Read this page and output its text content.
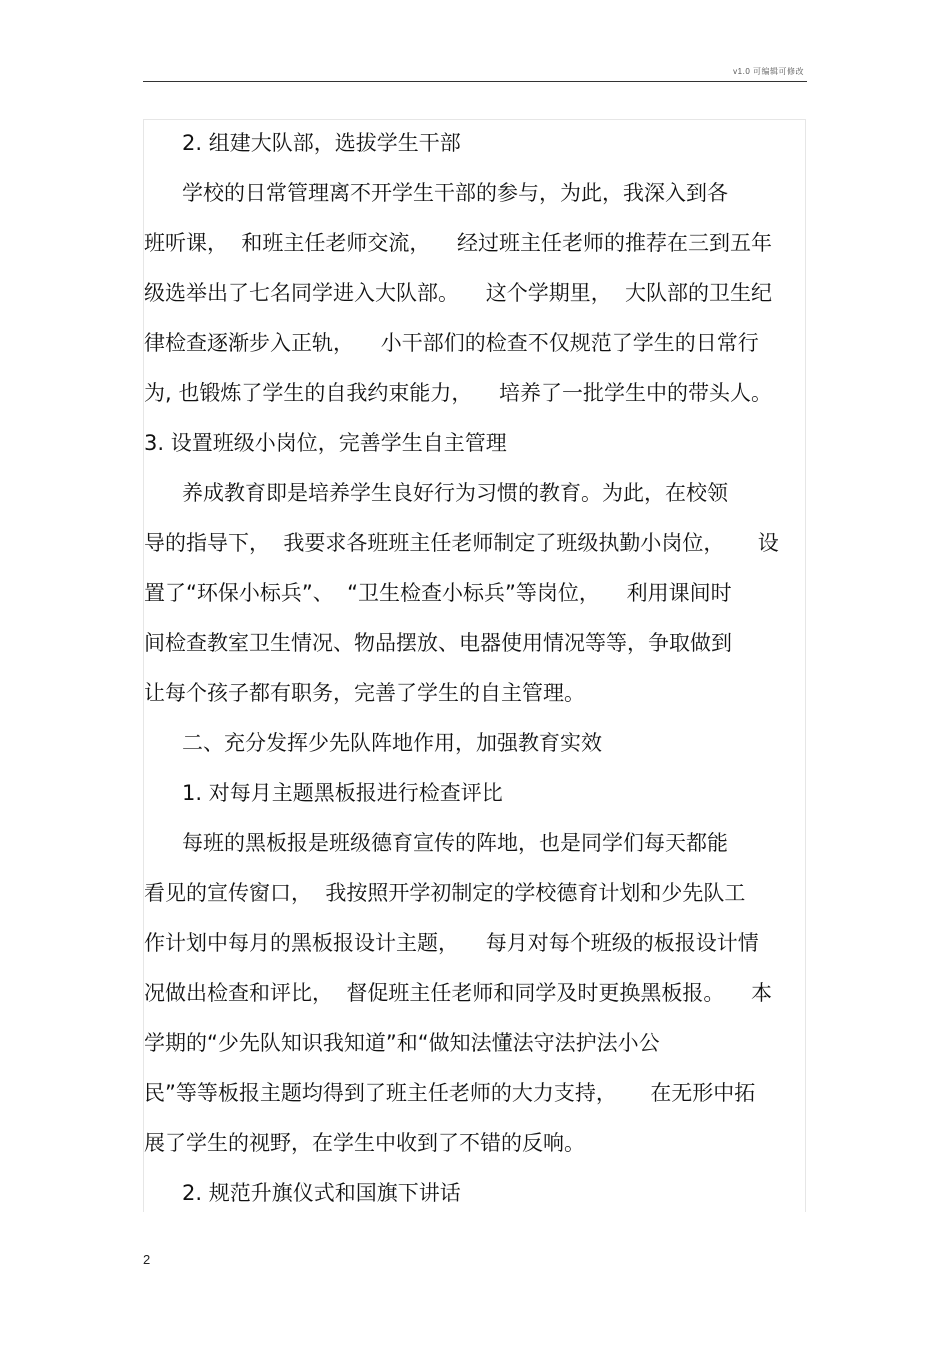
v1.0 可编辑可修改
2. 组建大队部，选拔学生干部
学校的日常管理离不开学生干部的参与，为此，我深入到各
班听课，  和班主任老师交流，    经过班主任老师的推荐在三到五年
级选举出了七名同学进入大队部。    这个学期里，  大队部的卫生纪
律检查逐渐步入正轨，    小干部们的检查不仅规范了学生的日常行
为, 也锻炼了学生的自我约束能力，    培养了一批学生中的带头人。
3. 设置班级小岗位，完善学生自主管理
养成教育即是培养学生良好行为习惯的教育。为此，在校领
导的指导下，  我要求各班班主任老师制定了班级执勤小岗位，     设
置了“环保小标兵”、  “卫生检查小标兵”等岗位，    利用课间时
间检查教室卫生情况、物品摆放、电器使用情况等等，争取做到
让每个孩子都有职务，完善了学生的自主管理。
二、充分发挥少先队阵地作用，加强教育实效
1. 对每月主题黑板报进行检查评比
每班的黑板报是班级德育宣传的阵地，也是同学们每天都能
看见的宣传窗口，  我按照开学初制定的学校德育计划和少先队工
作计划中每月的黑板报设计主题，    每月对每个班级的板报设计情
况做出检查和评比，  督促班主任老师和同学及时更换黑板报。    本
学期的“少先队知识我知道”和“做知法懂法守法护法小公
民”等等板报主题均得到了班主任老师的大力支持，     在无形中拓
展了学生的视野，在学生中收到了不错的反响。
2. 规范升旗仪式和国旗下讲话
2
